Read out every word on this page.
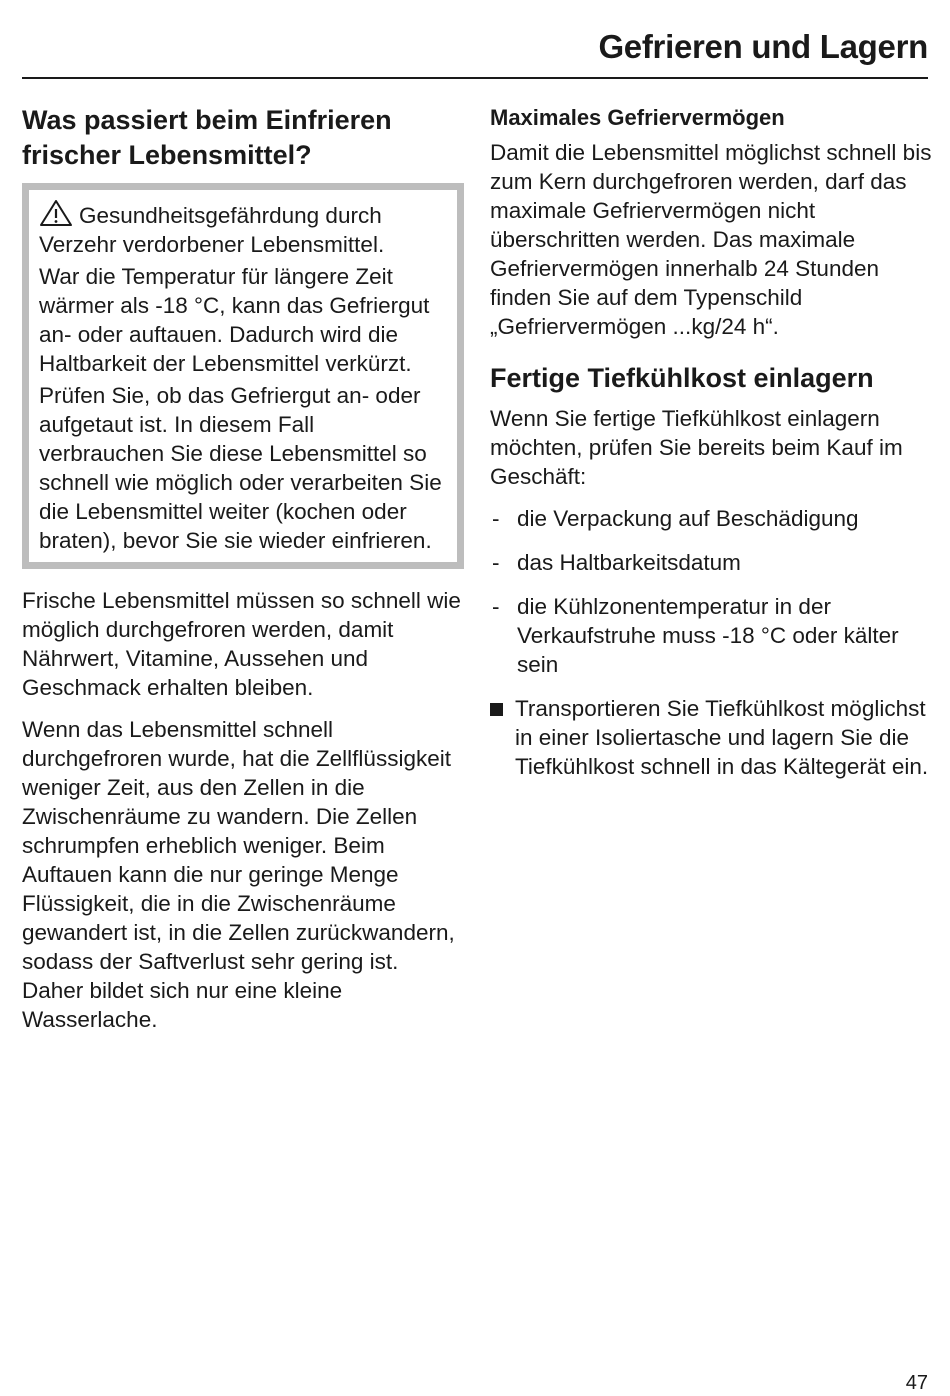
Gefrieren und Lagern
Was passiert beim Einfrieren frischer Lebensmittel?
Gesundheitsgefährdung durch Verzehr verdorbener Lebensmittel.
War die Temperatur für längere Zeit wärmer als -18 °C, kann das Gefriergut an- oder auftauen. Dadurch wird die Haltbarkeit der Lebensmittel verkürzt.
Prüfen Sie, ob das Gefriergut an- oder aufgetaut ist. In diesem Fall verbrauchen Sie diese Lebensmittel so schnell wie möglich oder verarbeiten Sie die Lebensmittel weiter (kochen oder braten), bevor Sie sie wieder einfrieren.
Frische Lebensmittel müssen so schnell wie möglich durchgefroren werden, damit Nährwert, Vitamine, Aussehen und Geschmack erhalten bleiben.
Wenn das Lebensmittel schnell durchgefroren wurde, hat die Zellflüssigkeit weniger Zeit, aus den Zellen in die Zwischenräume zu wandern. Die Zellen schrumpfen erheblich weniger. Beim Auftauen kann die nur geringe Menge Flüssigkeit, die in die Zwischenräume gewandert ist, in die Zellen zurückwandern, sodass der Saftverlust sehr gering ist. Daher bildet sich nur eine kleine Wasserlache.
Maximales Gefriervermögen
Damit die Lebensmittel möglichst schnell bis zum Kern durchgefroren werden, darf das maximale Gefriervermögen nicht überschritten werden. Das maximale Gefriervermögen innerhalb 24 Stunden finden Sie auf dem Typenschild „Gefriervermögen ...kg/24 h“.
Fertige Tiefkühlkost einlagern
Wenn Sie fertige Tiefkühlkost einlagern möchten, prüfen Sie bereits beim Kauf im Geschäft:
- die Verpackung auf Beschädigung
- das Haltbarkeitsdatum
- die Kühlzonentemperatur in der Verkaufstruhe muss -18 °C oder kälter sein
Transportieren Sie Tiefkühlkost möglichst in einer Isoliertasche und lagern Sie die Tiefkühlkost schnell in das Kältegerät ein.
47
